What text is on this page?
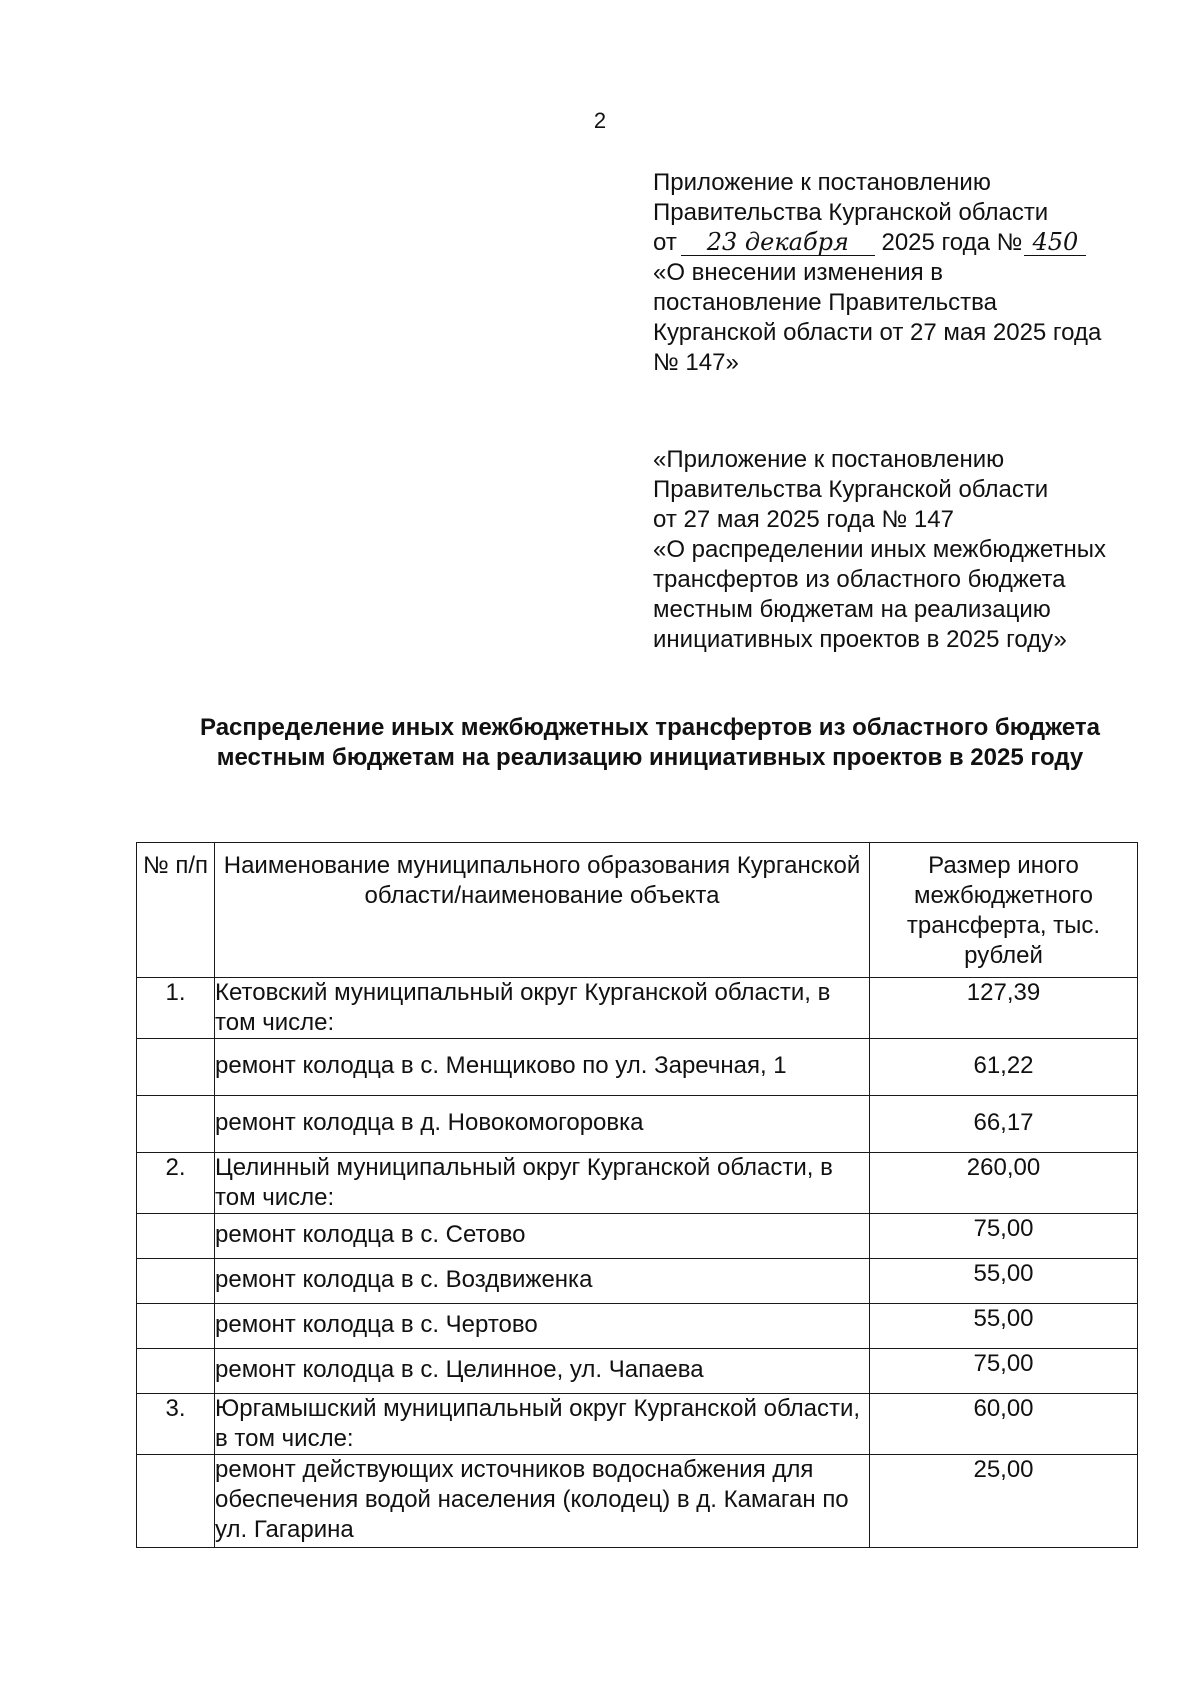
2
Приложение к постановлению
Правительства Курганской области
от 23 декабря 2025 года № 450
«О внесении изменения в
постановление Правительства
Курганской области от 27 мая 2025 года
№ 147»
«Приложение к постановлению
Правительства Курганской области
от 27 мая 2025 года № 147
«О распределении иных межбюджетных
трансфертов из областного бюджета
местным бюджетам на реализацию
инициативных проектов в 2025 году»
Распределение иных межбюджетных трансфертов из областного бюджета
местным бюджетам на реализацию инициативных проектов в 2025 году
№ п/п	Наименование муниципального образования Курганской области/наименование объекта	Размер иного межбюджетного трансферта, тыс. рублей
1.	Кетовский муниципальный округ Курганской области, в том числе:	127,39
	ремонт колодца в с. Менщиково по ул. Заречная, 1	61,22
	ремонт колодца в д. Новокомогоровка	66,17
2.	Целинный муниципальный округ Курганской области, в том числе:	260,00
	ремонт колодца в с. Сетово	75,00
	ремонт колодца в с. Воздвиженка	55,00
	ремонт колодца в с. Чертово	55,00
	ремонт колодца в с. Целинное, ул. Чапаева	75,00
3.	Юргамышский муниципальный округ Курганской области, в том числе:	60,00
	ремонт действующих источников водоснабжения для обеспечения водой населения (колодец) в д. Камаган по ул. Гагарина	25,00
